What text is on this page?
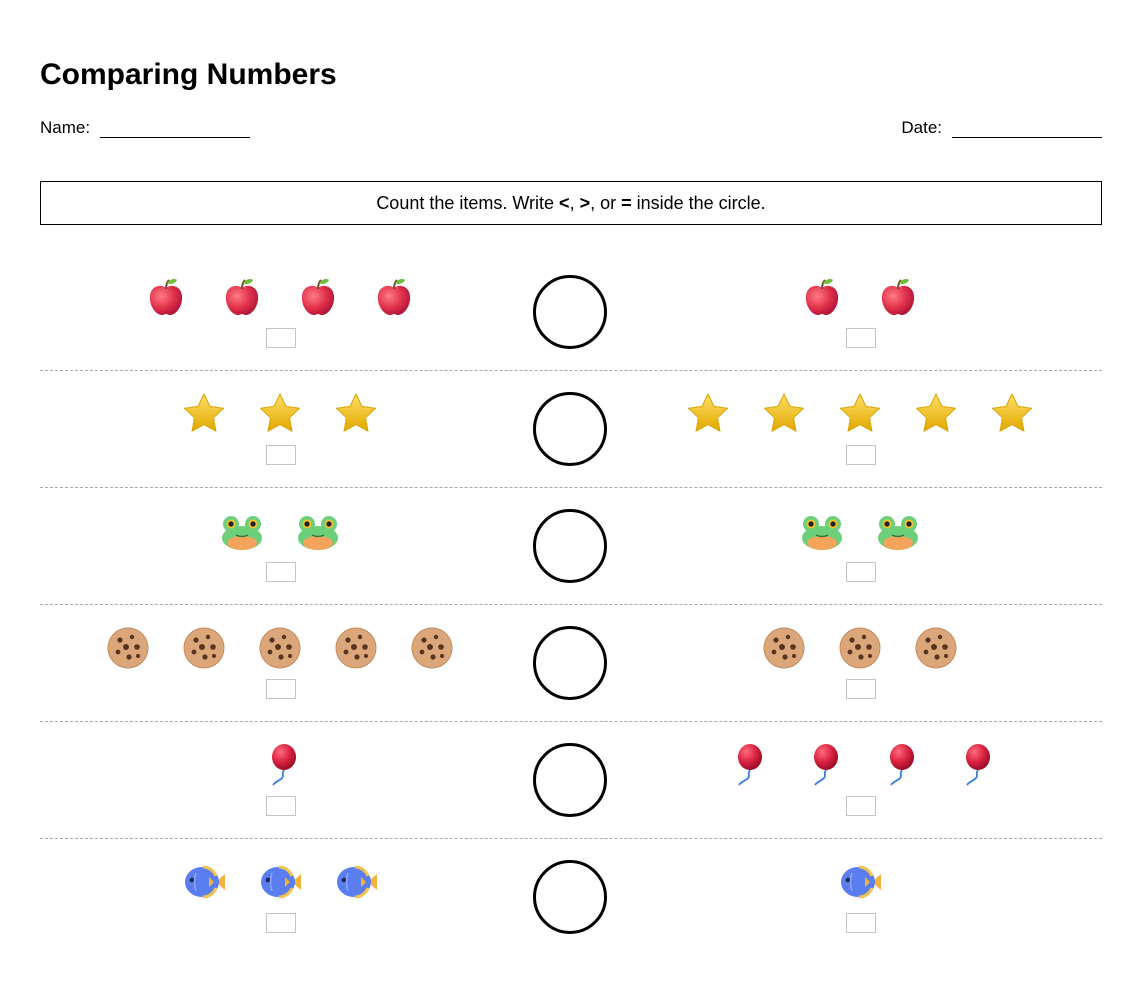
Comparing Numbers
Name:	Date:
Count the items. Write < , > , or = inside the circle.
